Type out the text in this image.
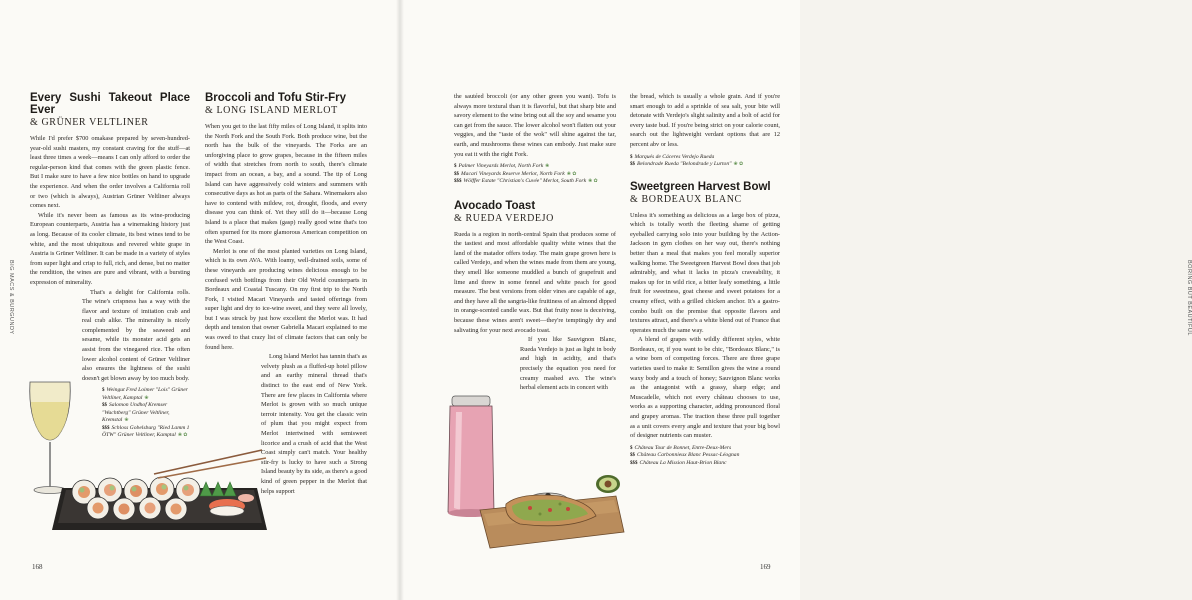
BIG MACS & BURGUNDY
Every Sushi Takeout Place Ever
& GRÜNER VELTLINER

While I'd prefer $700 omakase prepared by seven-hundred-year-old sushi masters, my constant craving for the stuff—at least three times a week—means I can only afford to order the regular-person kind that comes with the green plastic fence. But I make sure to have a few nice bottles on hand to upgrade the experience. And when the order involves a California roll or two (which is always), Austrian Grüner Veltliner always comes next.

While it's never been as famous as its wine-producing European counterparts, Austria has a winemaking history just as long. Because of its cooler climate, its best wines tend to be white, and the most ubiquitous and revered white grape in Austria is Grüner Veltliner. It can be made in a variety of styles from super light and crisp to full, rich, and dense, but no matter the rendition, the wines are pure and vibrant, with a bursting expression of minerality.

That's a delight for California rolls. The wine's crispness has a way with the flavor and texture of imitation crab and real crab alike. The minerality is nicely complemented by the seaweed and sesame, while its monster acid gets an assist from the vinegared rice. The often lower alcohol content of Grüner Veltliner also ensures the lightness of the sushi doesn't get blown away by too much body.

$ Weingut Fred Loimer "Lois" Grüner Veltliner, Kamptal ❀
$$ Salomon Undhof Kremser "Wachtberg" Grüner Veltliner, Kremstal ❀
$$$ Schloss Gobelsburg "Ried Lamm 1 ÖTW" Grüner Veltliner, Kamptal ❀ ✿
Broccoli and Tofu Stir-Fry
& LONG ISLAND MERLOT

When you get to the last fifty miles of Long Island, it splits into the North Fork and the South Fork. Both produce wine, but the north has the bulk of the vineyards. The Forks are an unforgiving place to grow grapes, because in the fifteen miles of width that stretches from north to south, there's climate impact from an ocean, a bay, and a sound. The tip of Long Island can have aggressively cold winters and summers with consecutive days as hot as parts of the Sahara. Winemakers also have to contend with mildew, rot, drought, floods, and every disease you can think of. Yet they still do it—because Long Island is a place that makes (gasp) really good wine that's too often spurned for its more glamorous American competition on the West Coast.

Merlot is one of the most planted varieties on Long Island, which is its own AVA. With loamy, well-drained soils, some of these vineyards are producing wines delicious enough to be confused with bottlings from their Old World counterparts in Bordeaux and Coastal Tuscany. On my first trip to the North Fork, I visited Macari Vineyards and tasted offerings from super light and dry to ice-wine sweet, and they were all lovely, but I was struck by just how excellent the Merlot was. It had depth and tension that owner Gabriella Macari explained to me was owed to that crazy list of climate factors that can only be found here.

Long Island Merlot has tannin that's as velvety plush as a fluffed-up hotel pillow and an earthy mineral thread that's distinct to the east end of New York. There are few places in California where Merlot is grown with so much unique terroir intensity. You get the classic vein of plum that you might expect from Merlot intertwined with semisweet licorice and a crush of acid that the West Coast simply can't match. Your healthy stir-fry is lucky to have such a Strong Island beauty by its side, as there's a good kind of green pepper in the Merlot that helps support

168

the sautéed broccoli (or any other green you want). Tofu is always more textural than it is flavorful, but that sharp bite and savory element to the wine bring out all the soy and sesame you can get from the sauce. The lower alcohol won't flatten out your veggies, and the "taste of the wok" will shine against the tar, earth, and mushrooms these wines can embody. Just make sure you eat it with the right Fork.

$ Palmer Vineyards Merlot, North Fork ❀
$$ Macari Vineyards Reserve Merlot, North Fork ❀ ✿
$$$ Wölffer Estate "Christian's Cuvée" Merlot, South Fork ❀ ✿
Avocado Toast
& RUEDA VERDEJO

Rueda is a region in north-central Spain that produces some of the tastiest and most affordable quality white wines that the land of the matador offers today. The main grape grown here is called Verdejo, and when the wines made from them are young, they smell like someone muddled a bunch of grapefruit and lime and threw in some fennel and white peach for good measure. The best versions from older vines are capable of age, and they have all the sangria-like fruitiness of an almond dipped in orange-scented candle wax. But that fruity nose is deceiving, because these wines aren't sweet—they're temptingly dry and salivating for your next avocado toast.

If you like Sauvignon Blanc, Rueda Verdejo is just as light in body and high in acidity, and that's precisely the equation you need for creamy mashed avo. The wine's herbal element acts in concert with

the bread, which is usually a whole grain. And if you're smart enough to add a sprinkle of sea salt, your bite will detonate with Verdejo's slight salinity and a bolt of acid for every taste bud. If you're being strict on your calorie count, search out the lightweight verdant options that are 12 percent abv or less.

$ Marqués de Cáceres Verdejo Rueda
$$ Belondrade Rueda "Belondrade y Lurton" ❀ ✿
Sweetgreen Harvest Bowl
& BORDEAUX BLANC

Unless it's something as delicious as a large box of pizza, which is totally worth the fleeting shame of getting eyeballed carrying solo into your building by the Action-Jackson in gym clothes on her way out, there's nothing better than a meal that makes you feel morally superior walking home. The Sweetgreen Harvest Bowl does that job admirably, and what it lacks in pizza's craveability, it makes up for in wild rice, a bitter leafy something, a little fruit for sweetness, goat cheese and sweet potatoes for a creamy effect, with a grilled chicken anchor. It's a gastro-combo built on the premise that opposite flavors and textures attract, and there's a white blend out of France that operates much the same way.

A blend of grapes with wildly different styles, white Bordeaux, or, if you want to be chic, "Bordeaux Blanc," is a wine born of competing forces. There are three grape varieties used to make it: Semillon gives the wine a round waxy body and a touch of honey; Sauvignon Blanc works as the antagonist with a grassy, sharp edge; and Muscadelle, which not every château chooses to use, works as a supporting character, adding pronounced floral and grapey aromas. The traction these three pull together as a unit covers every angle and texture that your big bowl of designer nutrients can muster.

$ Château Tour de Bonnet, Entre-Deux-Mers
$$ Château Carbonnieux Blanc Pessac-Léognan
$$$ Château La Mission Haut-Brion Blanc
BORING BUT BEAUTIFUL
169
